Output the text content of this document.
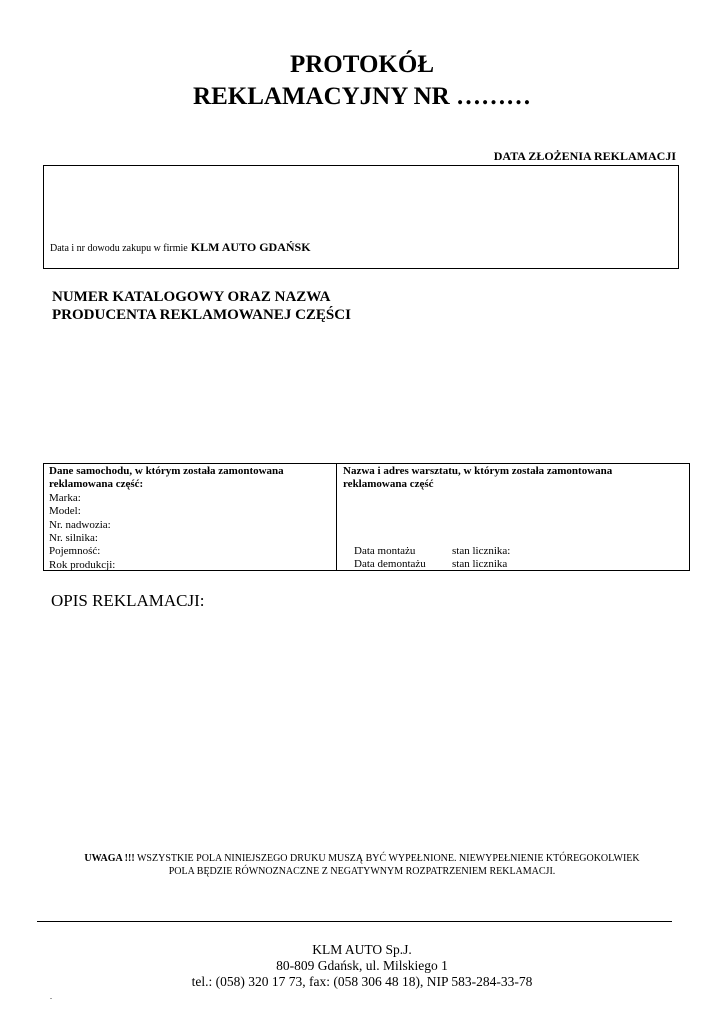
PROTOKÓŁ
REKLAMACYJNY NR ………
DATA ZŁOŻENIA REKLAMACJI
Data i nr dowodu zakupu w firmie KLM AUTO GDAŃSK
NUMER KATALOGOWY ORAZ NAZWA
PRODUCENTA REKLAMOWANEJ CZĘŚCI
Dane samochodu, w którym została zamontowana
reklamowana część:
Marka:
Model:
Nr. nadwozia:
Nr. silnika:
Pojemność:
Rok produkcji:
Nazwa i adres warsztatu, w którym została zamontowana
reklamowana część
Data montażu	stan licznika:
Data demontażu stan licznika
OPIS REKLAMACJI:
UWAGA !!! WSZYSTKIE POLA NINIEJSZEGO DRUKU MUSZĄ BYĆ WYPEŁNIONE. NIEWYPEŁNIENIE KTÓREGOKOLWIEK
POLA BĘDZIE RÓWNOZNACZNE Z NEGATYWNYM ROZPATRZENIEM REKLAMACJI.
KLM AUTO Sp.J.
80-809 Gdańsk, ul. Milskiego 1
tel.: (058) 320 17 73, fax: (058 306 48 18), NIP 583-284-33-78
.
